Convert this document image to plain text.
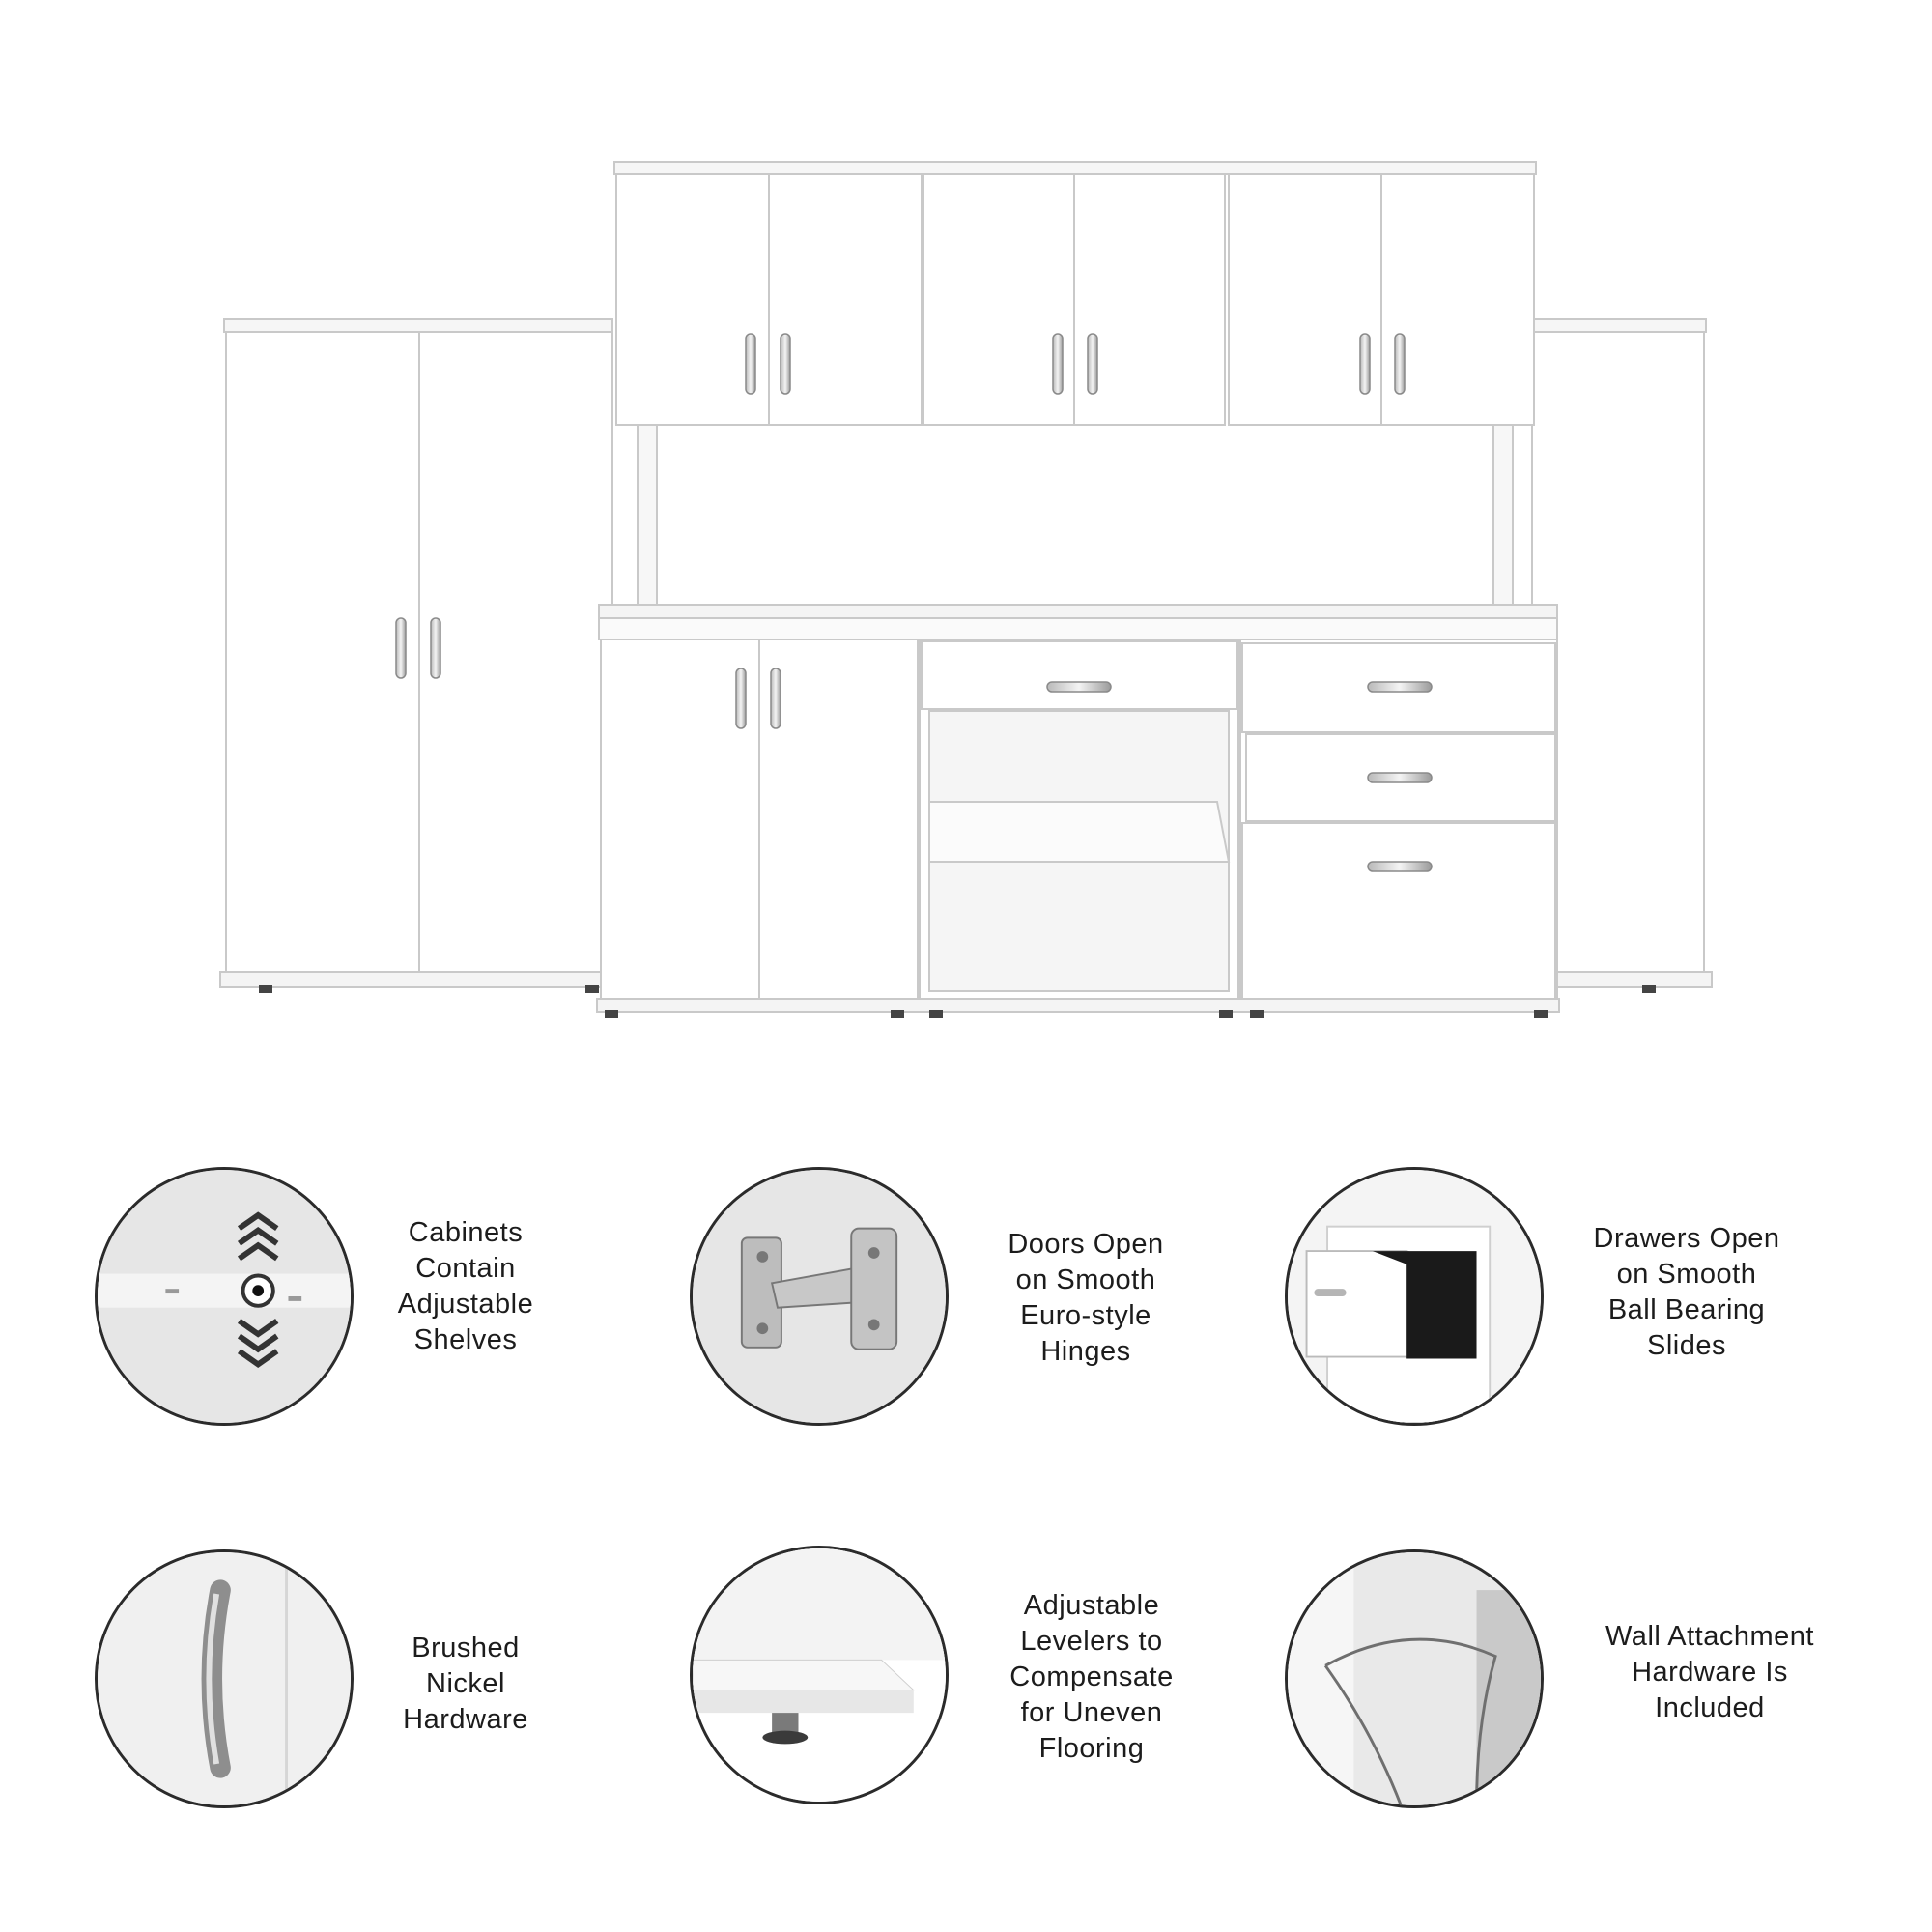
Cabinets
Contain
Adjustable
Shelves
Doors Open
on Smooth
Euro-style
Hinges
Drawers Open
on Smooth
Ball Bearing
Slides
Brushed
Nickel
Hardware
Adjustable
Levelers to
Compensate
for Uneven
Flooring
Wall Attachment
Hardware Is
Included
